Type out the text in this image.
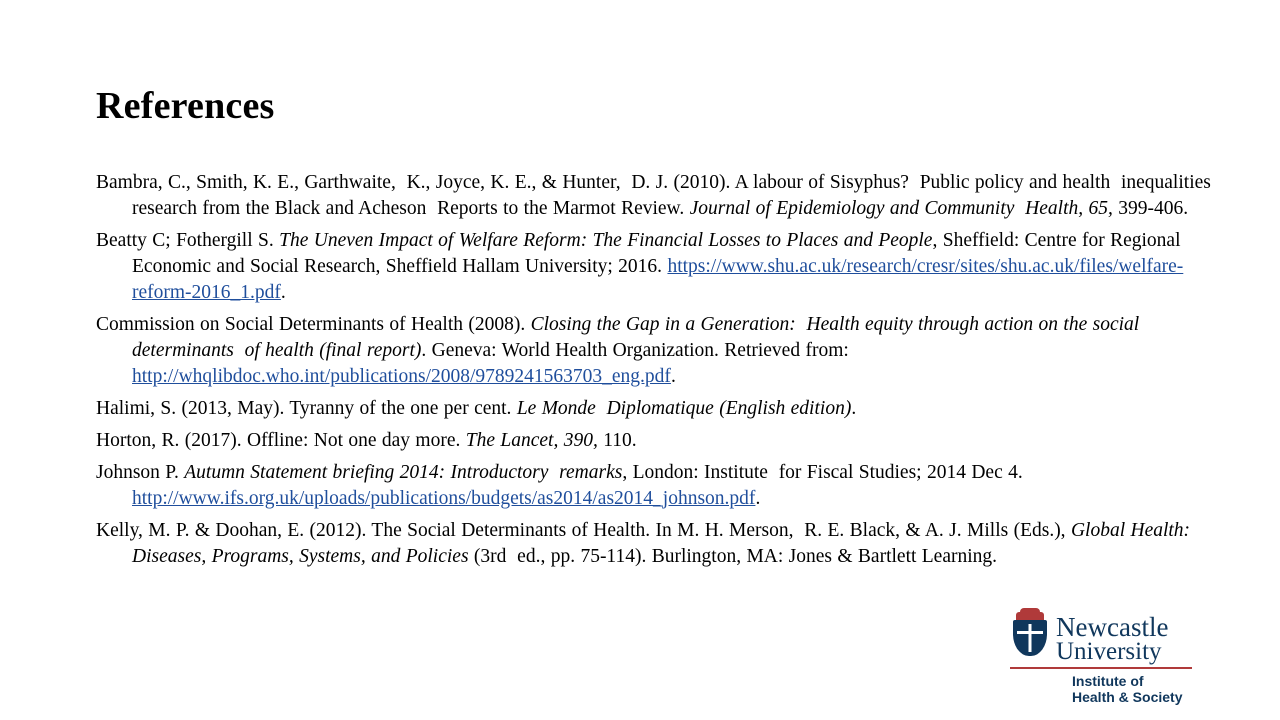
References
Bambra, C., Smith, K. E., Garthwaite,  K., Joyce, K. E., & Hunter,  D. J. (2010). A labour of Sisyphus?  Public policy and health  inequalities  research from the Black and Acheson  Reports to the Marmot Review. Journal of Epidemiology and Community  Health, 65, 399-406.
Beatty C; Fothergill S. The Uneven Impact of Welfare Reform: The Financial Losses to Places and People, Sheffield: Centre for Regional Economic and Social Research, Sheffield Hallam University; 2016. https://www.shu.ac.uk/research/cresr/sites/shu.ac.uk/files/welfare-reform-2016_1.pdf.
Commission on Social Determinants of Health (2008). Closing the Gap in a Generation:  Health equity through action on the social determinants  of health (final report). Geneva: World Health Organization. Retrieved from: http://whqlibdoc.who.int/publications/2008/9789241563703_eng.pdf.
Halimi, S. (2013, May). Tyranny of the one per cent. Le Monde  Diplomatique (English edition).
Horton, R. (2017). Offline: Not one day more. The Lancet, 390, 110.
Johnson P. Autumn Statement briefing 2014: Introductory  remarks, London: Institute  for Fiscal Studies; 2014 Dec 4. http://www.ifs.org.uk/uploads/publications/budgets/as2014/as2014_johnson.pdf.
Kelly, M. P. & Doohan, E. (2012). The Social Determinants of Health. In M. H. Merson,  R. E. Black, & A. J. Mills (Eds.), Global Health: Diseases, Programs, Systems, and Policies (3rd  ed., pp. 75-114). Burlington, MA: Jones & Bartlett Learning.
Newcastle
University
Institute of
Health & Society
